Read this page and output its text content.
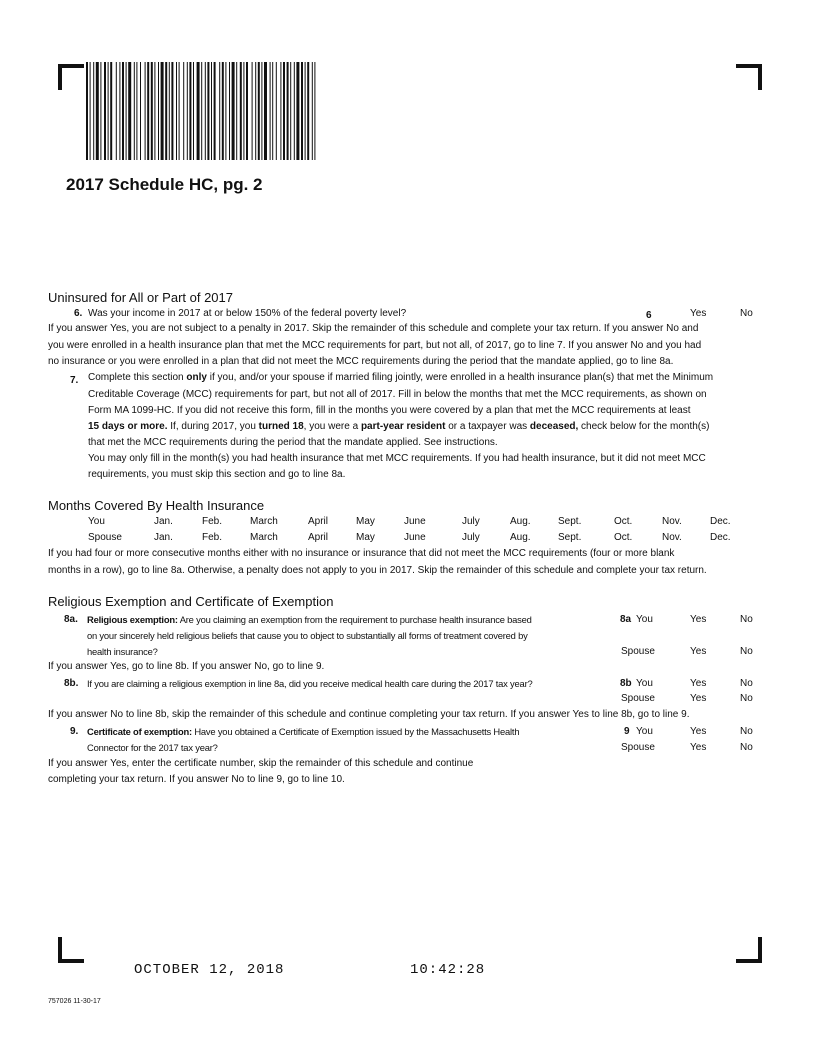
2017 Schedule HC, pg. 2
Uninsured for All or Part of 2017
6. Was your income in 2017 at or below 150% of the federal poverty level?	6	Yes	No
If you answer Yes, you are not subject to a penalty in 2017. Skip the remainder of this schedule and complete your tax return. If you answer No and
you were enrolled in a health insurance plan that met the MCC requirements for part, but not all, of 2017, go to line 7. If you answer No and you had
no insurance or you were enrolled in a plan that did not meet the MCC requirements during the period that the mandate applied, go to line 8a.
7. Complete this section only if you, and/or your spouse if married filing jointly, were enrolled in a health insurance plan(s) that met the Minimum
Creditable Coverage (MCC) requirements for part, but not all of 2017. Fill in below the months that met the MCC requirements, as shown on
Form MA 1099-HC. If you did not receive this form, fill in the months you were covered by a plan that met the MCC requirements at least
15 days or more. If, during 2017, you turned 18, you were a part-year resident or a taxpayer was deceased, check below for the month(s)
that met the MCC requirements during the period that the mandate applied. See instructions.
You may only fill in the month(s) you had health insurance that met MCC requirements. If you had health insurance, but it did not meet MCC
requirements, you must skip this section and go to line 8a.
Months Covered By Health Insurance
You	Jan.	Feb.	March	April	May	June	July	Aug.	Sept.	Oct.	Nov.	Dec.
Spouse	Jan.	Feb.	March	April	May	June	July	Aug.	Sept.	Oct.	Nov.	Dec.
If you had four or more consecutive months either with no insurance or insurance that did not meet the MCC requirements (four or more blank
months in a row), go to line 8a. Otherwise, a penalty does not apply to you in 2017. Skip the remainder of this schedule and complete your tax return.
Religious Exemption and Certificate of Exemption
8a. Religious exemption: Are you claiming an exemption from the requirement to purchase health insurance based
on your sincerely held religious beliefs that cause you to object to substantially all forms of treatment covered by
health insurance?
8a You	Yes	No
Spouse	Yes	No
If you answer Yes, go to line 8b. If you answer No, go to line 9.
8b. If you are claiming a religious exemption in line 8a, did you receive medical health care during the 2017 tax year?	8b You	Yes	No
Spouse	Yes	No
If you answer No to line 8b, skip the remainder of this schedule and continue completing your tax return. If you answer Yes to line 8b, go to line 9.
9. Certificate of exemption: Have you obtained a Certificate of Exemption issued by the Massachusetts Health
Connector for the 2017 tax year?
9 You	Yes	No
Spouse	Yes	No
If you answer Yes, enter the certificate number, skip the remainder of this schedule and continue
completing your tax return. If you answer No to line 9, go to line 10.
OCTOBER 12, 2018	10:42:28
757026 11-30-17
